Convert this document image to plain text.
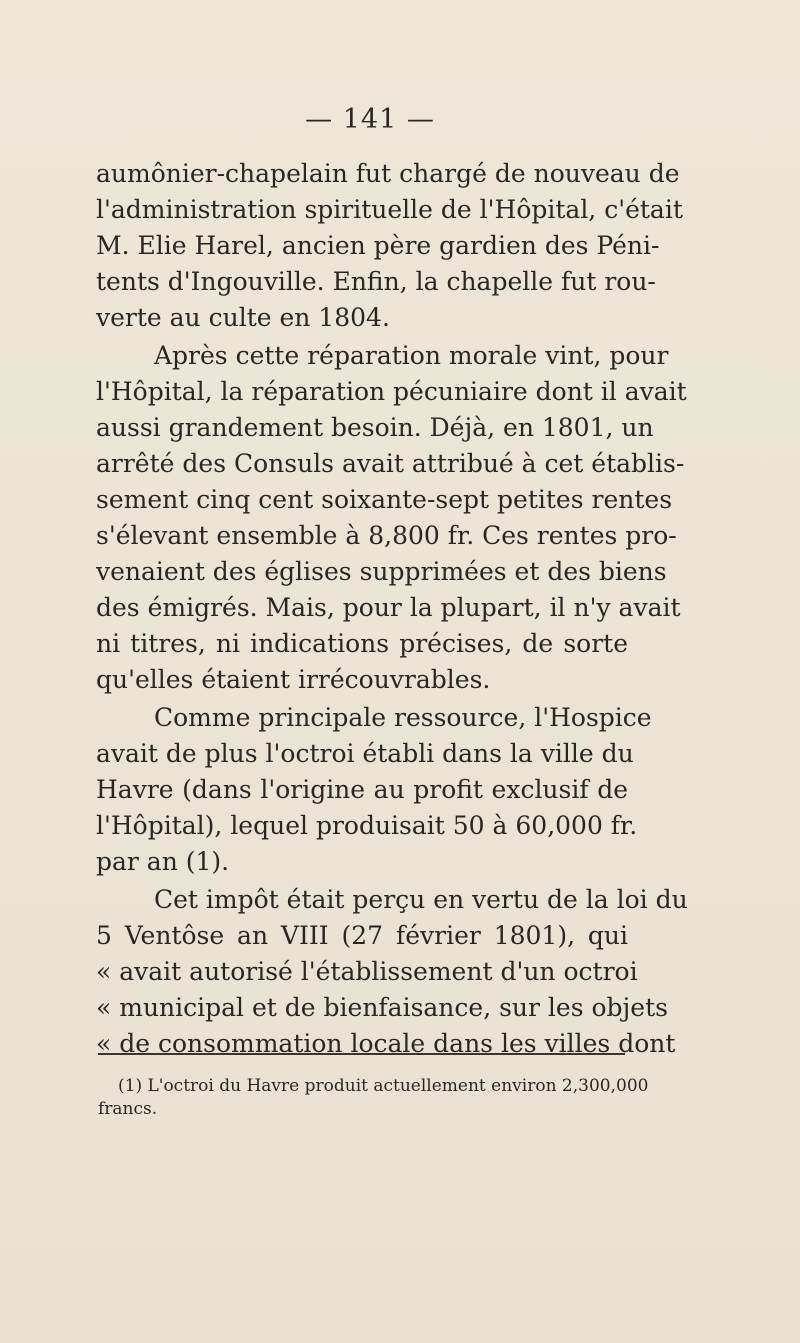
— 141 —
aumônier-chapelain fut chargé de nouveau de
l'administration spirituelle de l'Hôpital, c'était
M. Elie Harel, ancien père gardien des Péni-
tents d'Ingouville. Enfin, la chapelle fut rou-
verte au culte en 1804.
Après cette réparation morale vint, pour
l'Hôpital, la réparation pécuniaire dont il avait
aussi grandement besoin. Déjà, en 1801, un
arrêté des Consuls avait attribué à cet établis-
sement cinq cent soixante-sept petites rentes
s'élevant ensemble à 8,800 fr. Ces rentes pro-
venaient des églises supprimées et des biens
des émigrés. Mais, pour la plupart, il n'y avait
ni titres, ni indications précises, de sorte
qu'elles étaient irrécouvrables.
Comme principale ressource, l'Hospice
avait de plus l'octroi établi dans la ville du
Havre (dans l'origine au profit exclusif de
l'Hôpital), lequel produisait 50 à 60,000 fr.
par an (1).
Cet impôt était perçu en vertu de la loi du
5 Ventôse an VIII (27 février 1801), qui
« avait autorisé l'établissement d'un octroi
« municipal et de bienfaisance, sur les objets
« de consommation locale dans les villes dont
(1) L'octroi du Havre produit actuellement environ 2,300,000
francs.
